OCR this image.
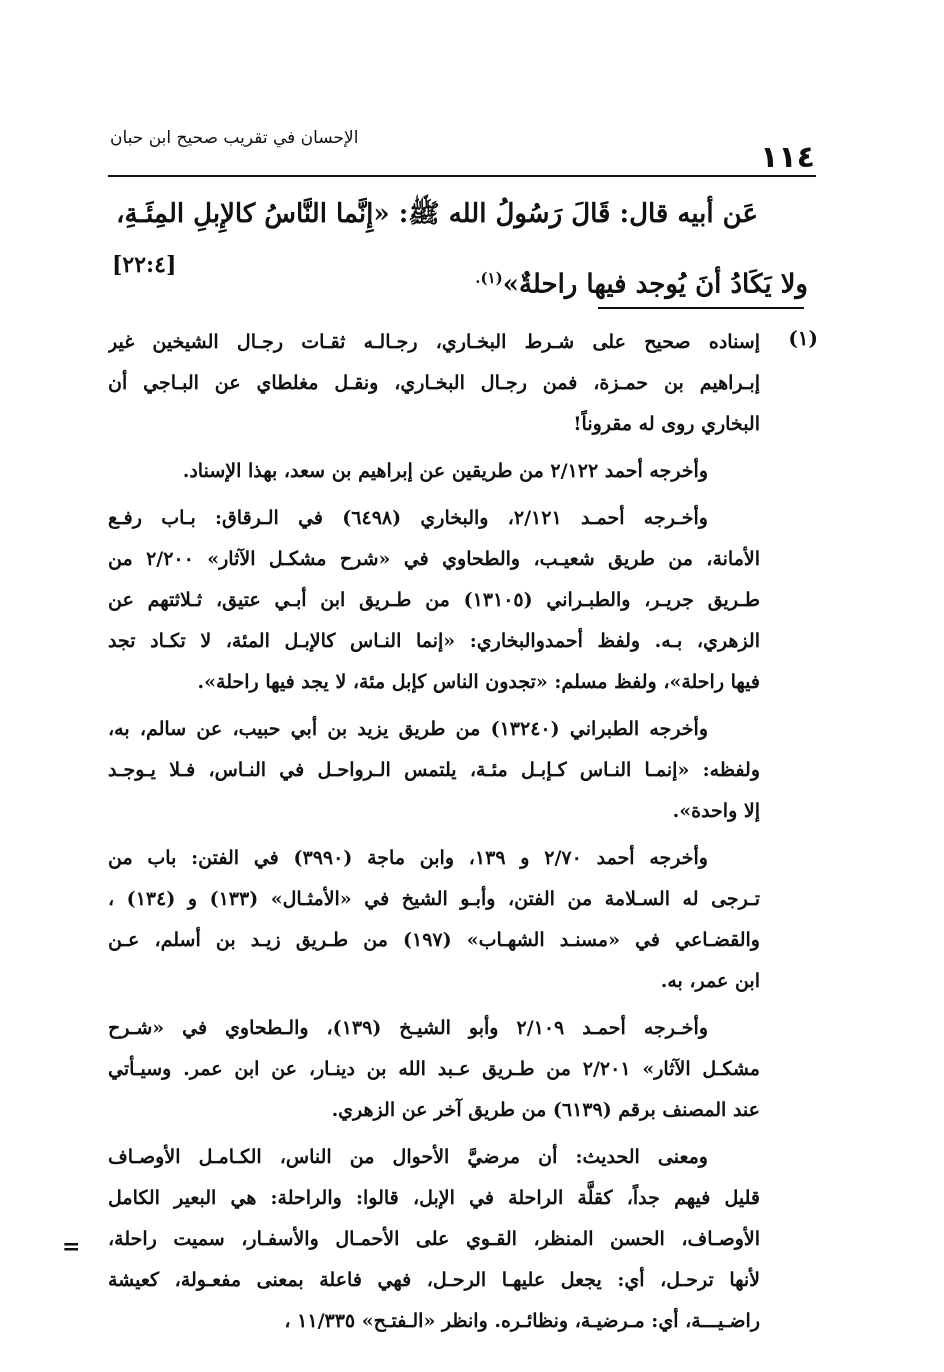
الإحسان في تقريب صحيح ابن حبان
١١٤
عَن أبيه قال: قَالَ رَسُولُ الله ﷺ: «إِنَّما النَّاسُ كالإِبلِ المِئَـةِ،
ولا يَكَادُ أنَ يُوجد فيها راحلةٌ»$^{(١).}$
[٢٢:٤]
(١)
إسناده صحيح على شـرط البخـاري، رجـالـه ثقـات رجـال الشيخين غير
إبـراهيم بن حمـزة، فمن رجـال البخـاري، ونقـل مغلطاي عن البـاجي أن
البخاري روى له مقروناً!
وأخرجه أحمد ٢/١٢٢ من طريقين عن إبراهيم بن سعد، بهذا الإسناد.
وأخـرجه أحمـد ٢/١٢١، والبخاري (٦٤٩٨) في الـرقاق: بـاب رفـع
الأمانة، من طريق شعيـب، والطحاوي في «شرح مشكـل الآثار» ٢/٢٠٠ من
طـريق جريـر، والطبـراني (١٣١٠٥) من طـريق ابن أبـي عتيق، ثـلاثتهم عن
الزهري، بـه. ولفظ أحمدوالبخاري: «إنما النـاس كالإبـل المئة، لا تكـاد تجد
فيها راحلة»، ولفظ مسلم: «تجدون الناس كإبل مئة، لا يجد فيها راحلة».
وأخرجه الطبراني (١٣٢٤٠) من طريق يزيد بن أبي حبيب، عن سالم، به،
ولفظه: «إنمـا النـاس كـإبـل مئـة، يلتمس الـرواحـل في النـاس، فـلا يـوجـد
إلا واحدة».
وأخرجه أحمد ٢/٧٠ و ١٣٩، وابن ماجة (٣٩٩٠) في الفتن: باب من
تـرجى له السـلامة من الفتن، وأبـو الشيخ في «الأمثـال» (١٣٣) و (١٣٤) ،
والقضـاعي في «مسنـد الشهـاب» (١٩٧) من طـريق زيـد بن أسلم، عـن
ابن عمر، به.
وأخـرجه أحمـد ٢/١٠٩ وأبو الشيـخ (١٣٩)، والـطحاوي في «شـرح
مشكـل الآثار» ٢/٢٠١ من طـريق عـبد الله بن دينـار، عن ابن عمر. وسيـأتي
عند المصنف برقم (٦١٣٩) من طريق آخر عن الزهري.
ومعنى الحديث: أن مرضيَّ الأحوال من الناس، الكـامـل الأوصـاف
قليل فيهم جداً، كقلَّة الراحلة في الإبل، قالوا: والراحلة: هي البعير الكامل
الأوصـاف، الحسن المنظر، القـوي على الأحمـال والأسفـار، سميت راحلة،
لأنها ترحـل، أي: يجعل عليهـا الرحـل، فهي فاعلة بمعنى مفعـولة، كعيشة
راضـيـــة، أي: مـرضيـة، ونظائـره. وانظر «الـفتـح» ١١/٣٣٥ ،
=
